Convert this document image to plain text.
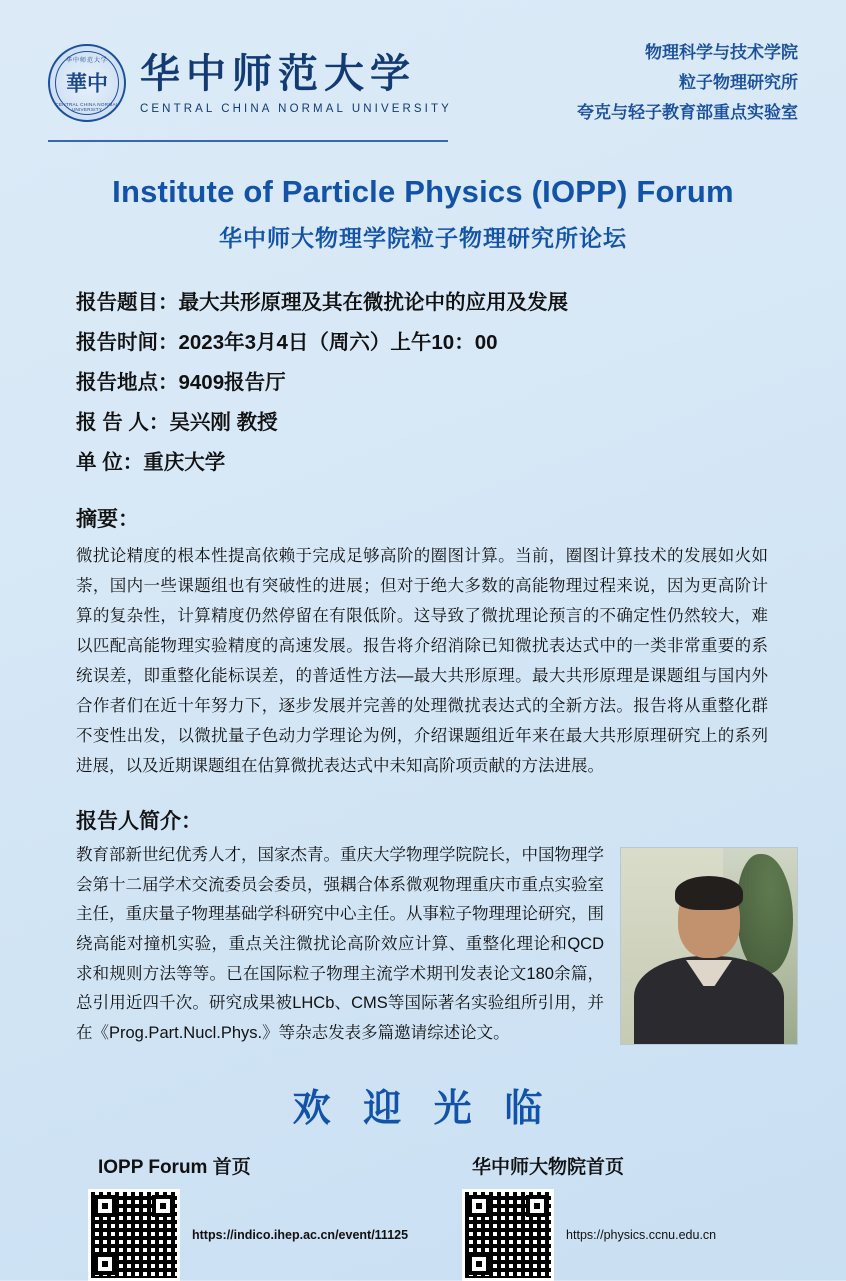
华中师范大学
華中
CENTRAL CHINA NORMAL UNIVERSITY
华中师范大学
CENTRAL CHINA NORMAL UNIVERSITY
物理科学与技术学院
粒子物理研究所
夸克与轻子教育部重点实验室
Institute of Particle Physics (IOPP) Forum
华中师大物理学院粒子物理研究所论坛
报告题目：最大共形原理及其在微扰论中的应用及发展
报告时间：2023年3月4日（周六）上午10：00
报告地点：9409报告厅
报 告 人：吴兴刚 教授
单 位：重庆大学
摘要：
微扰论精度的根本性提高依赖于完成足够高阶的圈图计算。当前，圈图计算技术的发展如火如荼，国内一些课题组也有突破性的进展；但对于绝大多数的高能物理过程来说，因为更高阶计算的复杂性，计算精度仍然停留在有限低阶。这导致了微扰理论预言的不确定性仍然较大，难以匹配高能物理实验精度的高速发展。报告将介绍消除已知微扰表达式中的一类非常重要的系统误差，即重整化能标误差，的普适性方法—最大共形原理。最大共形原理是课题组与国内外合作者们在近十年努力下，逐步发展并完善的处理微扰表达式的全新方法。报告将从重整化群不变性出发，以微扰量子色动力学理论为例，介绍课题组近年来在最大共形原理研究上的系列进展，以及近期课题组在估算微扰表达式中未知高阶项贡献的方法进展。
报告人简介：
教育部新世纪优秀人才，国家杰青。重庆大学物理学院院长，中国物理学会第十二届学术交流委员会委员，强耦合体系微观物理重庆市重点实验室主任，重庆量子物理基础学科研究中心主任。从事粒子物理理论研究，围绕高能对撞机实验，重点关注微扰论高阶效应计算、重整化理论和QCD求和规则方法等等。已在国际粒子物理主流学术期刊发表论文180余篇，总引用近四千次。研究成果被LHCb、CMS等国际著名实验组所引用，并在《Prog.Part.Nucl.Phys.》等杂志发表多篇邀请综述论文。
欢 迎 光 临
IOPP Forum 首页
https://indico.ihep.ac.cn/event/11125
华中师大物院首页
https://physics.ccnu.edu.cn
